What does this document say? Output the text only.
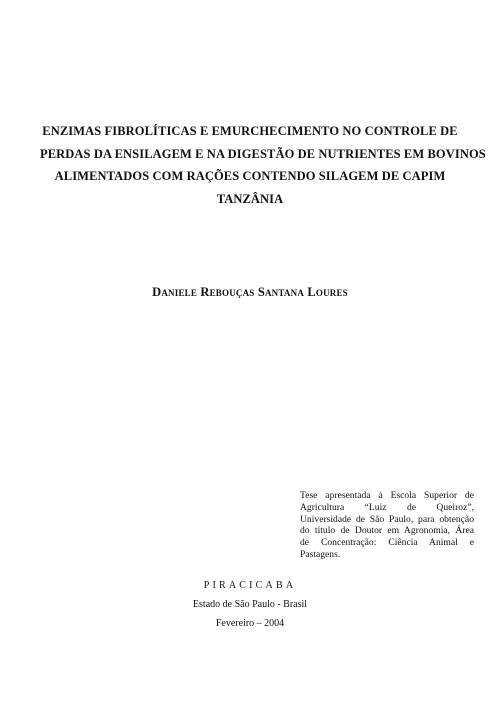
ENZIMAS FIBROLÍTICAS E EMURCHECIMENTO NO CONTROLE DE
PERDAS DA ENSILAGEM E NA DIGESTÃO DE NUTRIENTES EM BOVINOS
ALIMENTADOS COM RAÇÕES CONTENDO SILAGEM DE CAPIM
TANZÂNIA
Daniele Rebouças Santana Loures
Tese apresentada à Escola Superior de
Agricultura “Luiz de Queiroz”,
Universidade de São Paulo, para obtenção
do título de Doutor em Agronomia, Área
de Concentração: Ciência Animal e
Pastagens.
PIRACICABA
Estado de São Paulo - Brasil
Fevereiro – 2004
